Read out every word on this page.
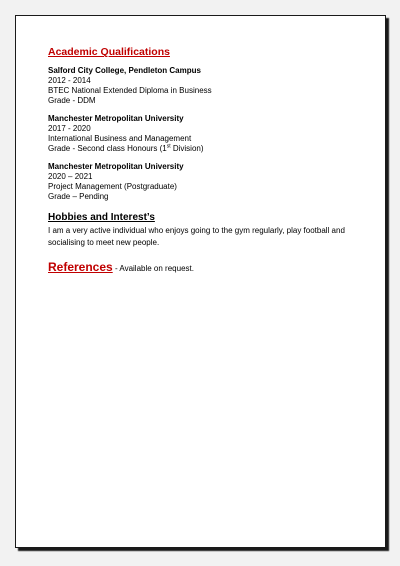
Academic Qualifications
Salford City College, Pendleton Campus
2012 - 2014
BTEC National Extended Diploma in Business
Grade - DDM
Manchester Metropolitan University
2017 - 2020
International Business and Management
Grade - Second class Honours (1st Division)
Manchester Metropolitan University
2020 – 2021
Project Management (Postgraduate)
Grade – Pending
Hobbies and Interest’s
I am a very active individual who enjoys going to the gym regularly, play football and socialising to meet new people.
References - Available on request.
